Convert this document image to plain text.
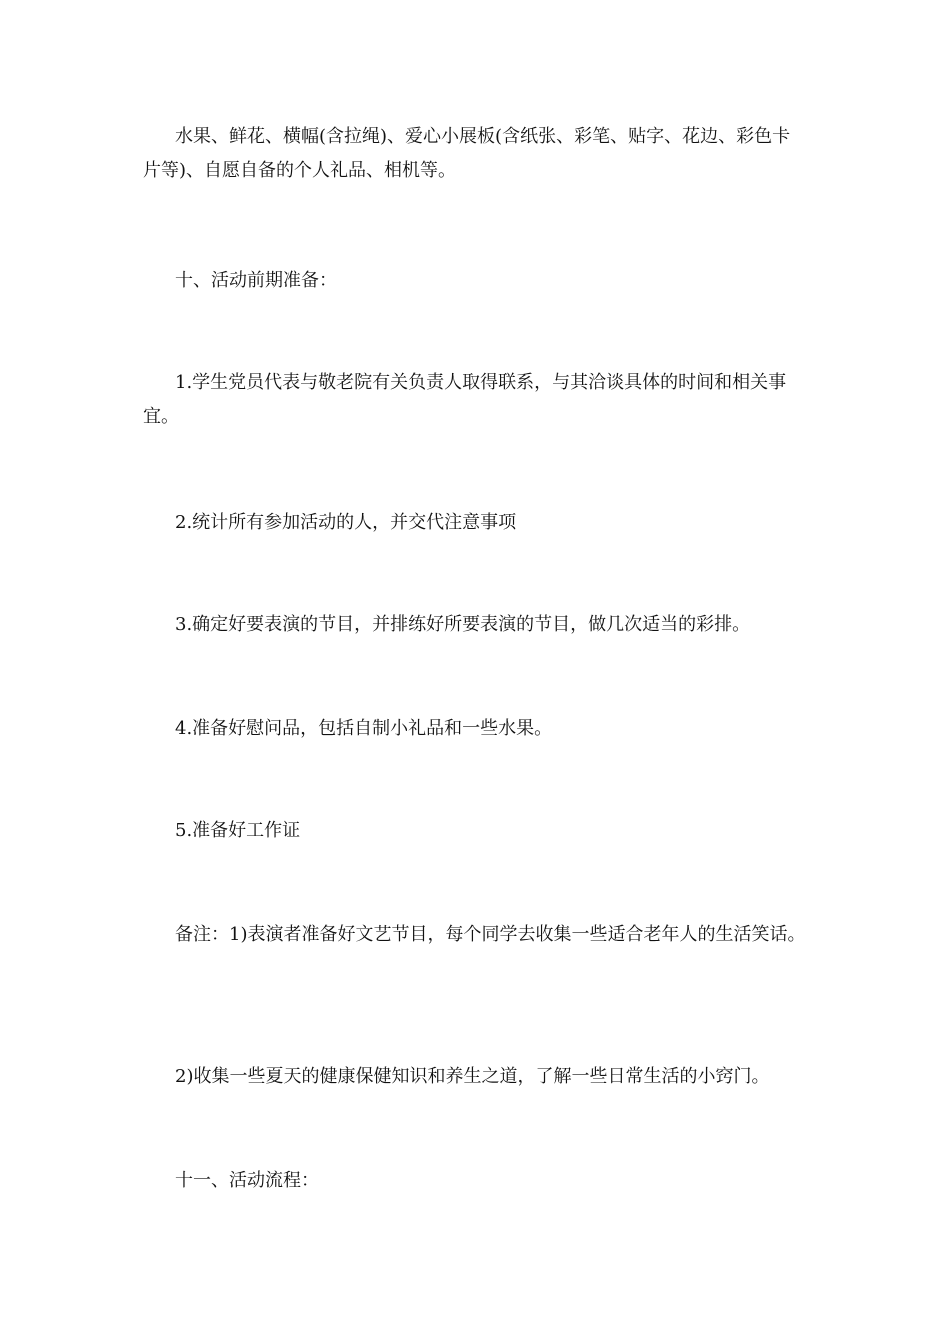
水果、鲜花、横幅(含拉绳)、爱心小展板(含纸张、彩笔、贴字、花边、彩色卡片等)、自愿自备的个人礼品、相机等。

十、活动前期准备：

1.学生党员代表与敬老院有关负责人取得联系，与其洽谈具体的时间和相关事宜。

2.统计所有参加活动的人，并交代注意事项

3.确定好要表演的节目，并排练好所要表演的节目，做几次适当的彩排。

4.准备好慰问品，包括自制小礼品和一些水果。

5.准备好工作证

备注：1)表演者准备好文艺节目，每个同学去收集一些适合老年人的生活笑话。

2)收集一些夏天的健康保健知识和养生之道，了解一些日常生活的小窍门。

十一、活动流程：
